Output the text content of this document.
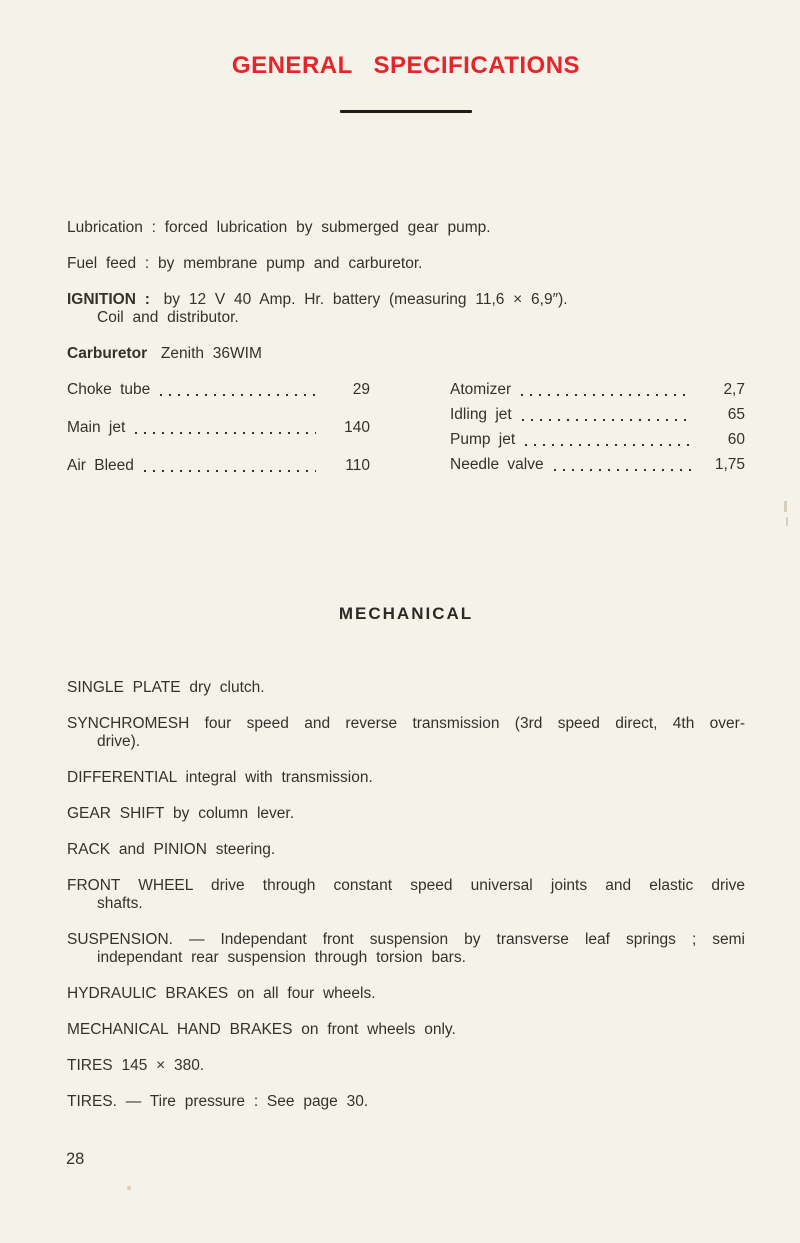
GENERAL SPECIFICATIONS

Lubrication : forced lubrication by submerged gear pump.

Fuel feed : by membrane pump and carburetor.

IGNITION : by 12 V 40 Amp. Hr. battery (measuring 11,6 × 6,9″).
Coil and distributor.

Carburetor Zenith 36WIM

Choke tube	29
Main jet	140
Air Bleed	110
Atomizer	2,7
Idling jet	65
Pump jet	60
Needle valve	1,75
MECHANICAL

SINGLE PLATE dry clutch.

SYNCHROMESH four speed and reverse transmission (3rd speed direct, 4th over-
drive).

DIFFERENTIAL integral with transmission.

GEAR SHIFT by column lever.

RACK and PINION steering.

FRONT WHEEL drive through constant speed universal joints and elastic drive
shafts.

SUSPENSION. — Independant front suspension by transverse leaf springs ; semi
independant rear suspension through torsion bars.

HYDRAULIC BRAKES on all four wheels.

MECHANICAL HAND BRAKES on front wheels only.

TIRES 145 × 380.

TIRES. — Tire pressure : See page 30.

28
